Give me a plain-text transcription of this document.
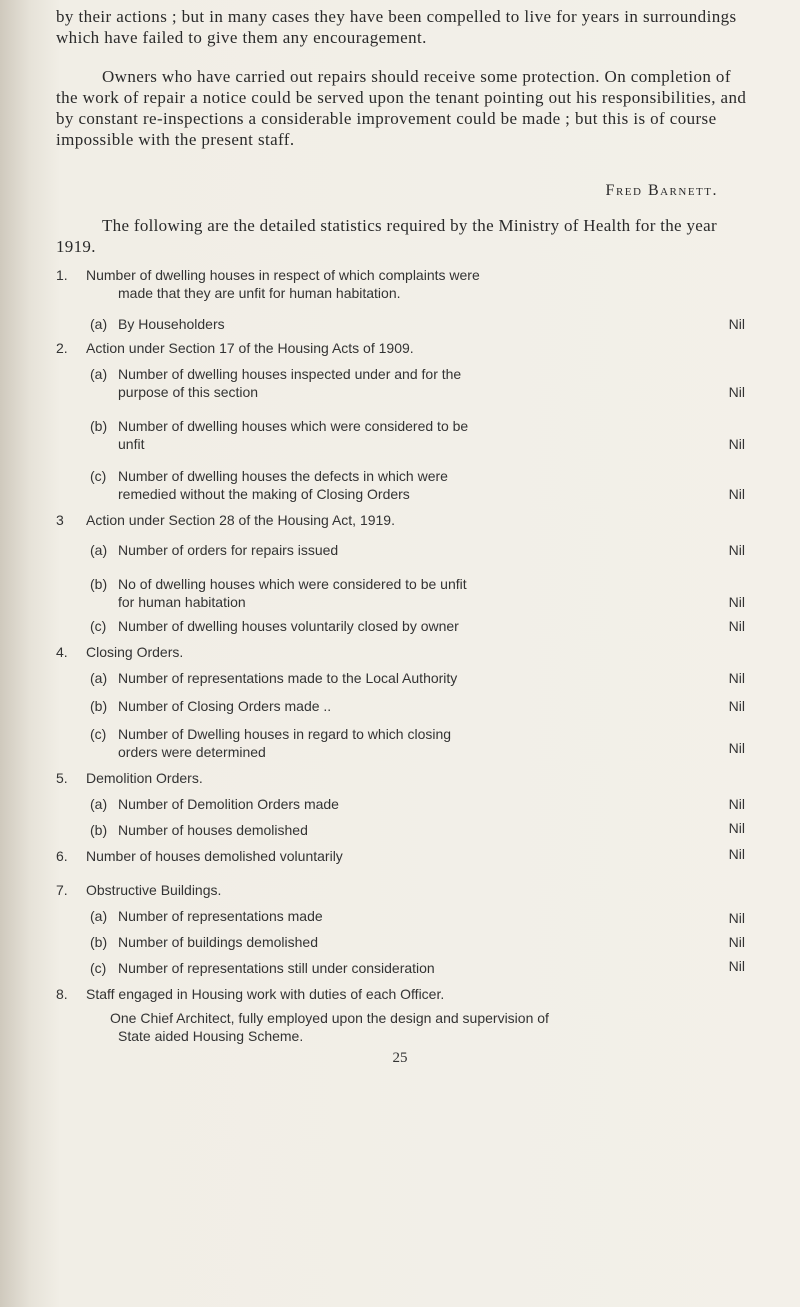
by their actions ; but in many cases they have been compelled to live for years in surroundings which have failed to give them any encouragement.
Owners who have carried out repairs should receive some protection. On completion of the work of repair a notice could be served upon the tenant pointing out his responsibilities, and by constant re-inspections a considerable improvement could be made ; but this is of course impossible with the present staff.
Fred Barnett.
The following are the detailed statistics required by the Ministry of Health for the year 1919.
1.	Number of dwelling houses in respect of which complaints were
made that they are unfit for human habitation.
(a) By Householders	Nil
2.	Action under Section 17 of the Housing Acts of 1909.
(a) Number of dwelling houses inspected under and for the
purpose of this section	Nil
(b) Number of dwelling houses which were considered to be
unfit	Nil
(c) Number of dwelling houses the defects in which were
remedied without the making of Closing Orders	Nil
3	Action under Section 28 of the Housing Act, 1919.
(a) Number of orders for repairs issued	Nil
(b) No of dwelling houses which were considered to be unfit
for human habitation	Nil
(c) Number of dwelling houses voluntarily closed by owner	Nil
4.	Closing Orders.
(a) Number of representations made to the Local Authority	Nil
(b) Number of Closing Orders made ..	Nil
(c) Number of Dwelling houses in regard to which closing
orders were determined	Nil
5.	Demolition Orders.
(a) Number of Demolition Orders made	Nil
(b) Number of houses demolished	Nil
6.	Number of houses demolished voluntarily	Nil
7.	Obstructive Buildings.
(a) Number of representations made	Nil
(b) Number of buildings demolished	Nil
(c) Number of representations still under consideration	Nil
8.	Staff engaged in Housing work with duties of each Officer.
One Chief Architect, fully employed upon the design and supervision of
State aided Housing Scheme.
25
